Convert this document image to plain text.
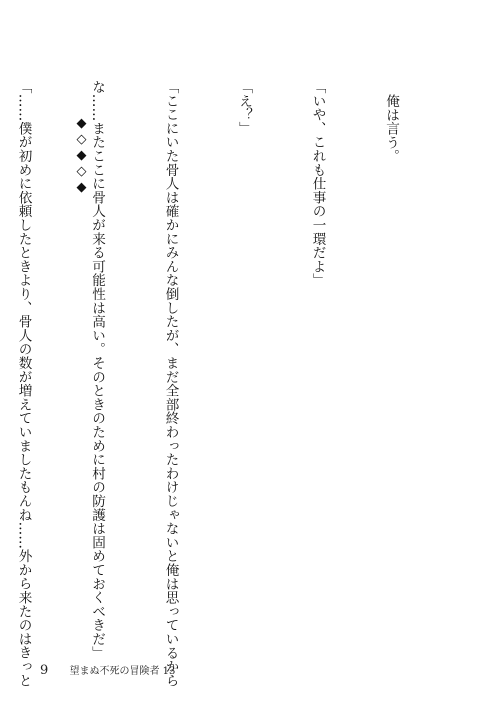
俺は言う。

「いや、これも仕事の一環だよ」

「え？」

「ここにいた骨人は確かにみんな倒したが、まだ全部終わったわけじゃないと俺は思っているから

な……またここに骨人が来る可能性は高い。そのときのために村の防護は固めておくべきだ」

「……僕が初めに依頼したときより、骨人の数が増えていましたもんね……外から来たのはきっと

	◆◇◆◇◆
9 望まぬ不死の冒険者 13
